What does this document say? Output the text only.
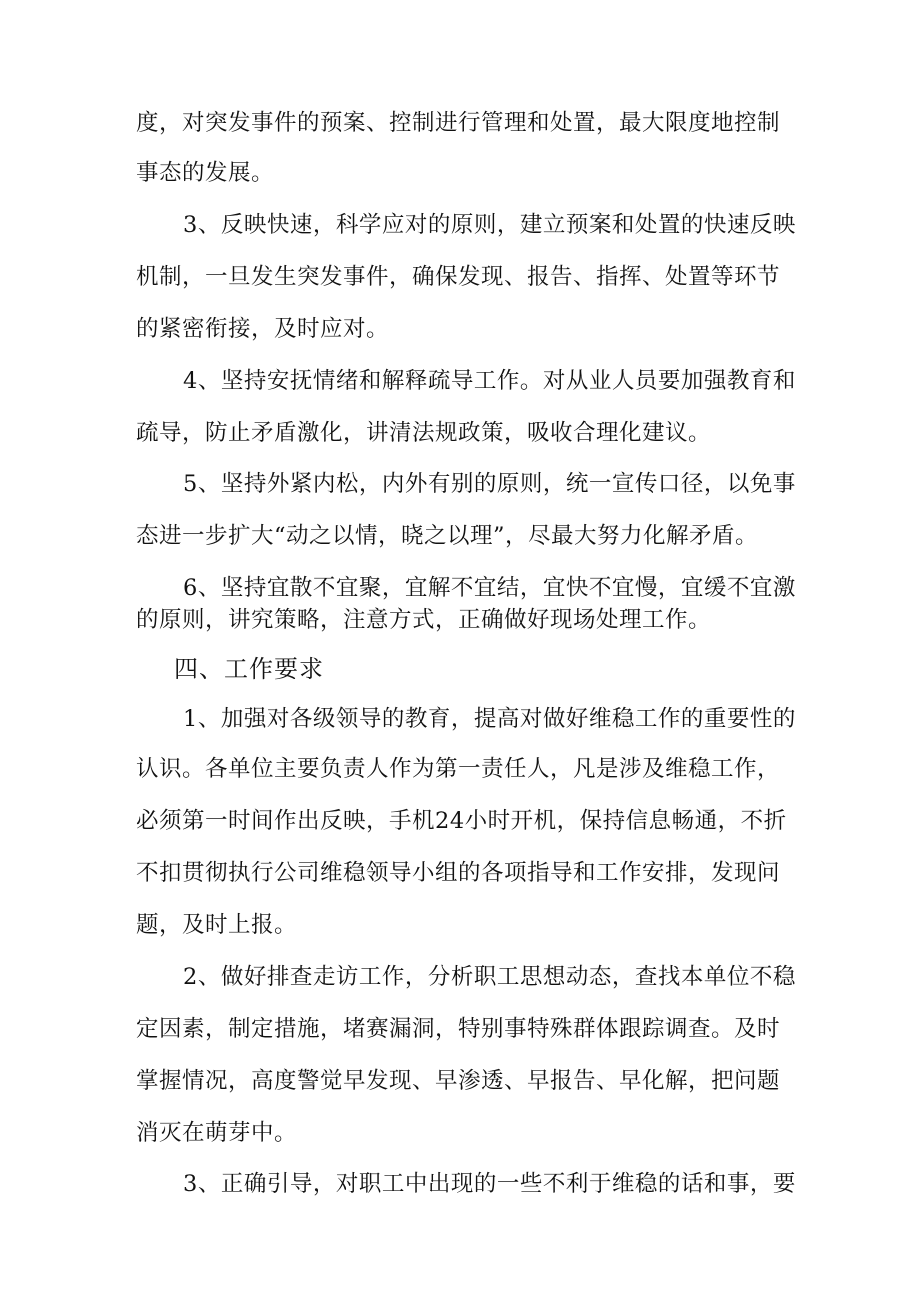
度，对突发事件的预案、控制进行管理和处置，最大限度地控制
事态的发展。
3、反映快速，科学应对的原则，建立预案和处置的快速反映
机制，一旦发生突发事件，确保发现、报告、指挥、处置等环节
的紧密衔接，及时应对。
4、坚持安抚情绪和解释疏导工作。对从业人员要加强教育和
疏导，防止矛盾激化，讲清法规政策，吸收合理化建议。
5、坚持外紧内松，内外有别的原则，统一宣传口径，以免事
态进一步扩大“动之以情，晓之以理”，尽最大努力化解矛盾。
6、坚持宜散不宜聚，宜解不宜结，宜快不宜慢，宜缓不宜激
的原则，讲究策略，注意方式，正确做好现场处理工作。
四、工作要求
1、加强对各级领导的教育，提高对做好维稳工作的重要性的
认识。各单位主要负责人作为第一责任人，凡是涉及维稳工作，
必须第一时间作出反映，手机24小时开机，保持信息畅通，不折
不扣贯彻执行公司维稳领导小组的各项指导和工作安排，发现问
题，及时上报。
2、做好排查走访工作，分析职工思想动态，查找本单位不稳
定因素，制定措施，堵赛漏洞，特别事特殊群体跟踪调查。及时
掌握情况，高度警觉早发现、早渗透、早报告、早化解，把问题
消灭在萌芽中。
3、正确引导，对职工中出现的一些不利于维稳的话和事，要
